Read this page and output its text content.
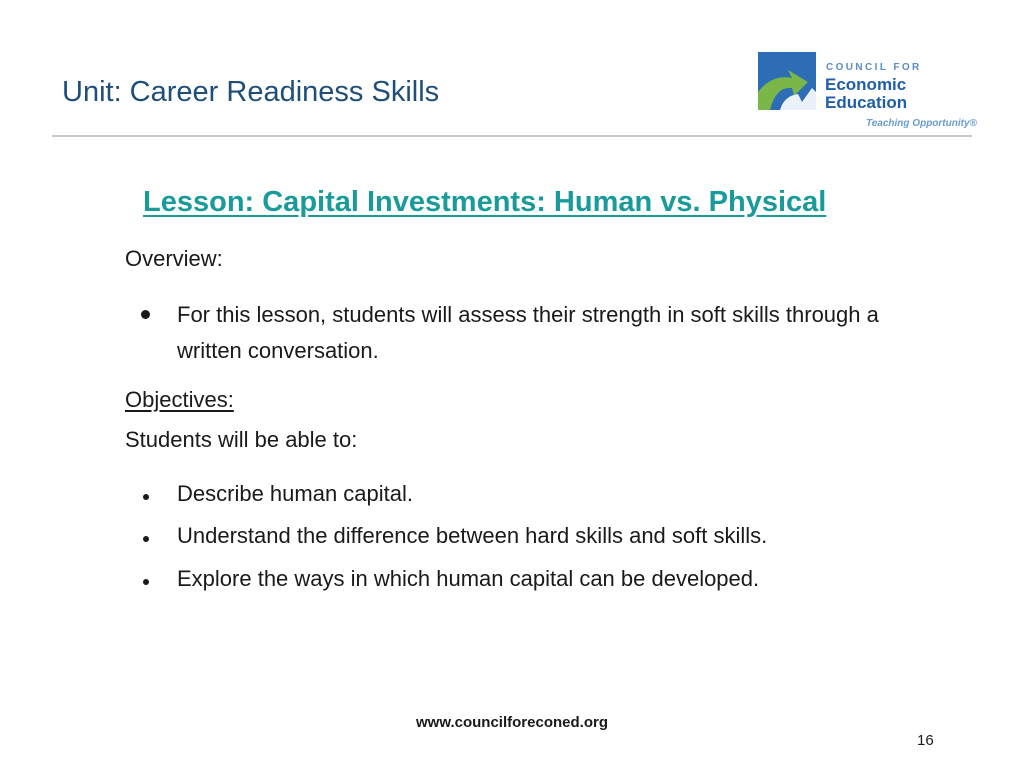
Unit: Career Readiness Skills
COUNCIL FOR
Economic
Education
Teaching Opportunity®
Lesson: Capital Investments: Human vs. Physical
Overview:
For this lesson, students will assess their strength in soft skills through a written conversation.
Objectives:
Students will be able to:
Describe human capital.
Understand the difference between hard skills and soft skills.
Explore the ways in which human capital can be developed.
www.councilforeconed.org
16
